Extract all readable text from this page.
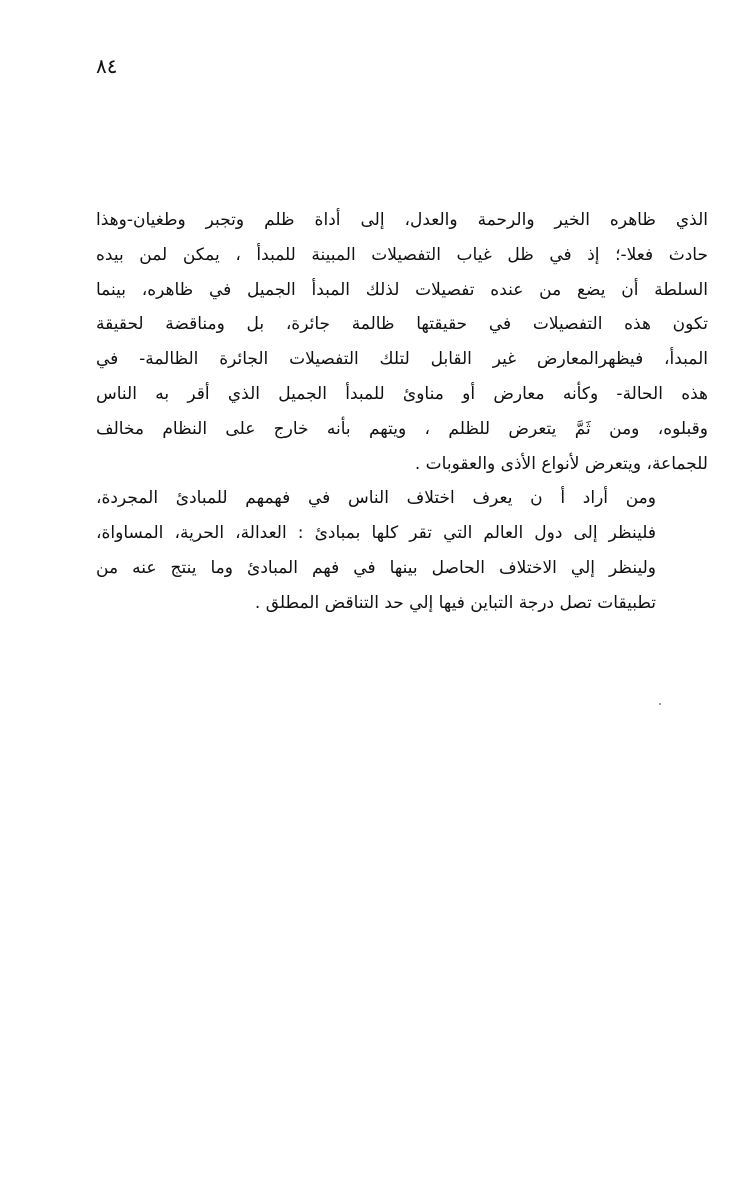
٨٤

الذي ظاهره الخير والرحمة والعدل، إلى أداة ظلم وتجبر وطغيان-وهذا
حادث فعلا-؛ إذ في ظل غياب التفصيلات المبينة للمبدأ ، يمكن لمن بيده
السلطة أن يضع من عنده تفصيلات لذلك المبدأ الجميل في ظاهره، بينما
تكون هذه التفصيلات في حقيقتها ظالمة جائرة، بل ومناقضة لحقيقة
المبدأ، فيظهرالمعارض غير القابل لتلك التفصيلات الجائرة الظالمة- في
هذه الحالة- وكأنه معارض أو مناوئ للمبدأ الجميل الذي أقر به الناس
وقبلوه، ومن ثَمَّ يتعرض للظلم ، ويتهم بأنه خارج على النظام مخالف
للجماعة، ويتعرض لأنواع الأذى والعقوبات .

ومن أراد أ ن يعرف اختلاف الناس في فهمهم للمبادئ المجردة،
فلينظر إلى دول العالم التي تقر كلها بمبادئ : العدالة، الحرية، المساواة،
ولينظر إلي الاختلاف الحاصل بينها في فهم المبادئ وما ينتج عنه من
تطبيقات تصل درجة التباين فيها إلي حد التناقض المطلق .
